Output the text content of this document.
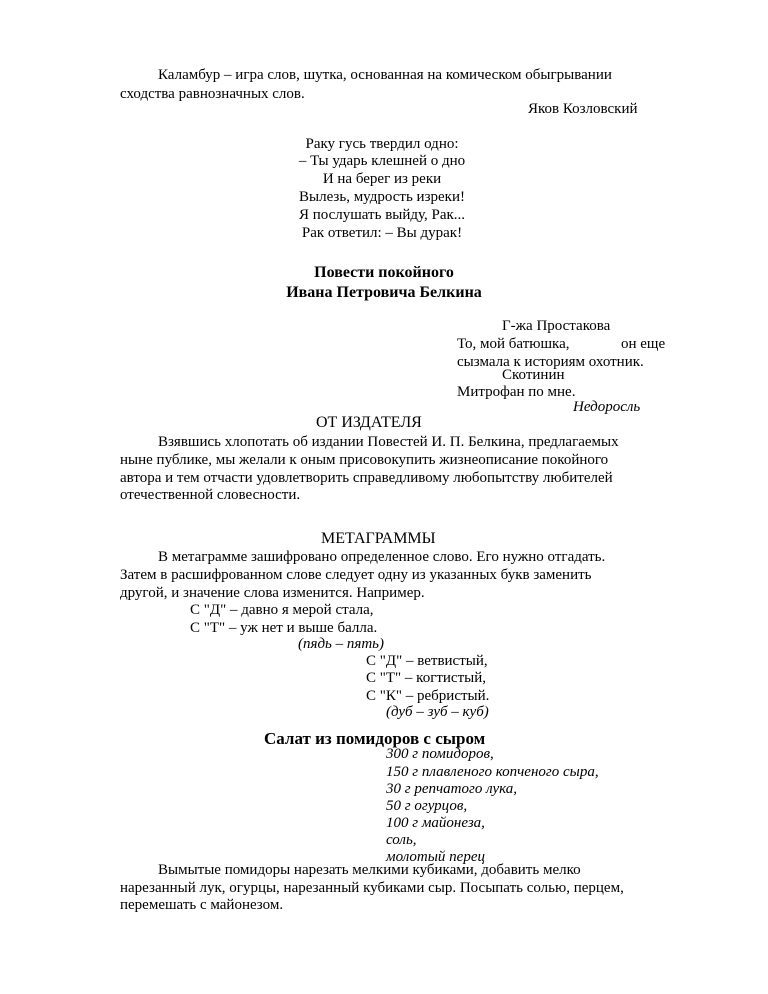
Каламбур – игра слов, шутка, основанная на комическом обыгрывании
сходства равнозначных слов.
Яков Козловский
Раку гусь твердил одно:
– Ты ударь клешней о дно
И на берег из реки
Вылезь, мудрость изреки!
Я послушать выйду, Рак...
Рак ответил: – Вы дурак!
Повести покойного
Ивана Петровича Белкина
Г-жа Простакова
То, мой батюшка,	он еще
сызмала к историям охотник.
Скотинин
Митрофан по мне.
Недоросль
ОТ ИЗДАТЕЛЯ
Взявшись хлопотать об издании Повестей И. П. Белкина, предлагаемых
ныне публике, мы желали к оным присовокупить жизнеописание покойного
автора и тем отчасти удовлетворить справедливому любопытству любителей
отечественной словесности.
МЕТАГРАММЫ
В метаграмме зашифровано определенное слово. Его нужно отгадать.
Затем в расшифрованном слове следует одну из указанных букв заменить
другой, и значение слова изменится. Например.
С "Д" – давно я мерой стала,
С "Т" – уж нет и выше балла.
(пядь – пять)
С "Д" – ветвистый,
С "Т" – когтистый,
С "К" – ребристый.
(дуб – зуб – куб)
Салат из помидоров с сыром
300 г помидоров,
150 г плавленого копченого сыра,
30 г репчатого лука,
50 г огурцов,
100 г майонеза,
соль,
молотый перец
Вымытые помидоры нарезать мелкими кубиками, добавить мелко
нарезанный лук, огурцы, нарезанный кубиками сыр. Посыпать солью, перцем,
перемешать с майонезом.
